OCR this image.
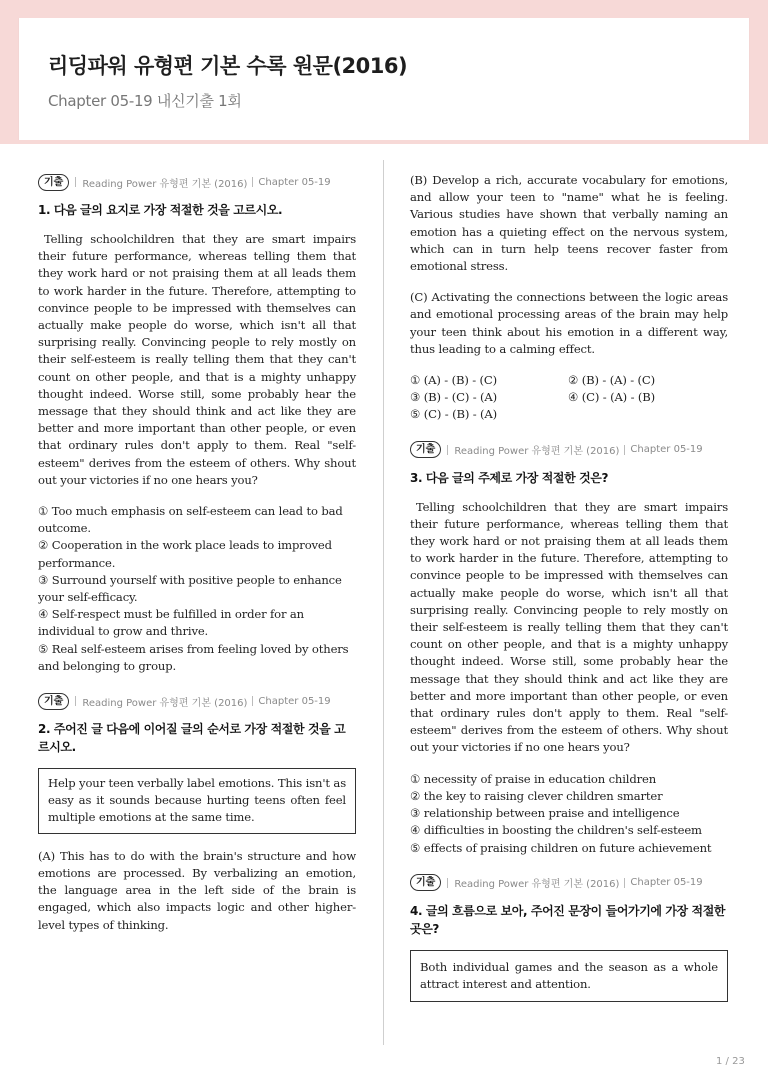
리딩파워 유형편 기본 수록 원문(2016)
Chapter 05-19 내신기출 1회
기출	Reading Power 유형편 기본 (2016) Chapter 05-19
1. 다음 글의 요지로 가장 적절한 것을 고르시오.
Telling schoolchildren that they are smart impairs their future performance, whereas telling them that they work hard or not praising them at all leads them to work harder in the future. Therefore, attempting to convince people to be impressed with themselves can actually make people do worse, which isn't all that surprising really. Convincing people to rely mostly on their self-esteem is really telling them that they can't count on other people, and that is a mighty unhappy thought indeed. Worse still, some probably hear the message that they should think and act like they are better and more important than other people, or even that ordinary rules don't apply to them. Real "self-esteem" derives from the esteem of others. Why shout out your victories if no one hears you?
① Too much emphasis on self-esteem can lead to bad outcome.
② Cooperation in the work place leads to improved performance.
③ Surround yourself with positive people to enhance your self-efficacy.
④ Self-respect must be fulfilled in order for an individual to grow and thrive.
⑤ Real self-esteem arises from feeling loved by others and belonging to group.
기출	Reading Power 유형편 기본 (2016) Chapter 05-19
2. 주어진 글 다음에 이어질 글의 순서로 가장 적절한 것을 고르시오.
Help your teen verbally label emotions. This isn't as easy as it sounds because hurting teens often feel multiple emotions at the same time.
(A) This has to do with the brain's structure and how emotions are processed. By verbalizing an emotion, the language area in the left side of the brain is engaged, which also impacts logic and other higher-level types of thinking.
(B) Develop a rich, accurate vocabulary for emotions, and allow your teen to "name" what he is feeling. Various studies have shown that verbally naming an emotion has a quieting effect on the nervous system, which can in turn help teens recover faster from emotional stress.
(C) Activating the connections between the logic areas and emotional processing areas of the brain may help your teen think about his emotion in a different way, thus leading to a calming effect.
① (A) - (B) - (C)	② (B) - (A) - (C)
③ (B) - (C) - (A)	④ (C) - (A) - (B)
⑤ (C) - (B) - (A)
기출	Reading Power 유형편 기본 (2016) Chapter 05-19
3. 다음 글의 주제로 가장 적절한 것은?
Telling schoolchildren that they are smart impairs their future performance, whereas telling them that they work hard or not praising them at all leads them to work harder in the future. Therefore, attempting to convince people to be impressed with themselves can actually make people do worse, which isn't all that surprising really. Convincing people to rely mostly on their self-esteem is really telling them that they can't count on other people, and that is a mighty unhappy thought indeed. Worse still, some probably hear the message that they should think and act like they are better and more important than other people, or even that ordinary rules don't apply to them. Real "self-esteem" derives from the esteem of others. Why shout out your victories if no one hears you?
① necessity of praise in education children
② the key to raising clever children smarter
③ relationship between praise and intelligence
④ difficulties in boosting the children's self-esteem
⑤ effects of praising children on future achievement
기출	Reading Power 유형편 기본 (2016) Chapter 05-19
4. 글의 흐름으로 보아, 주어진 문장이 들어가기에 가장 적절한 곳은?
Both individual games and the season as a whole attract interest and attention.
1 / 23
